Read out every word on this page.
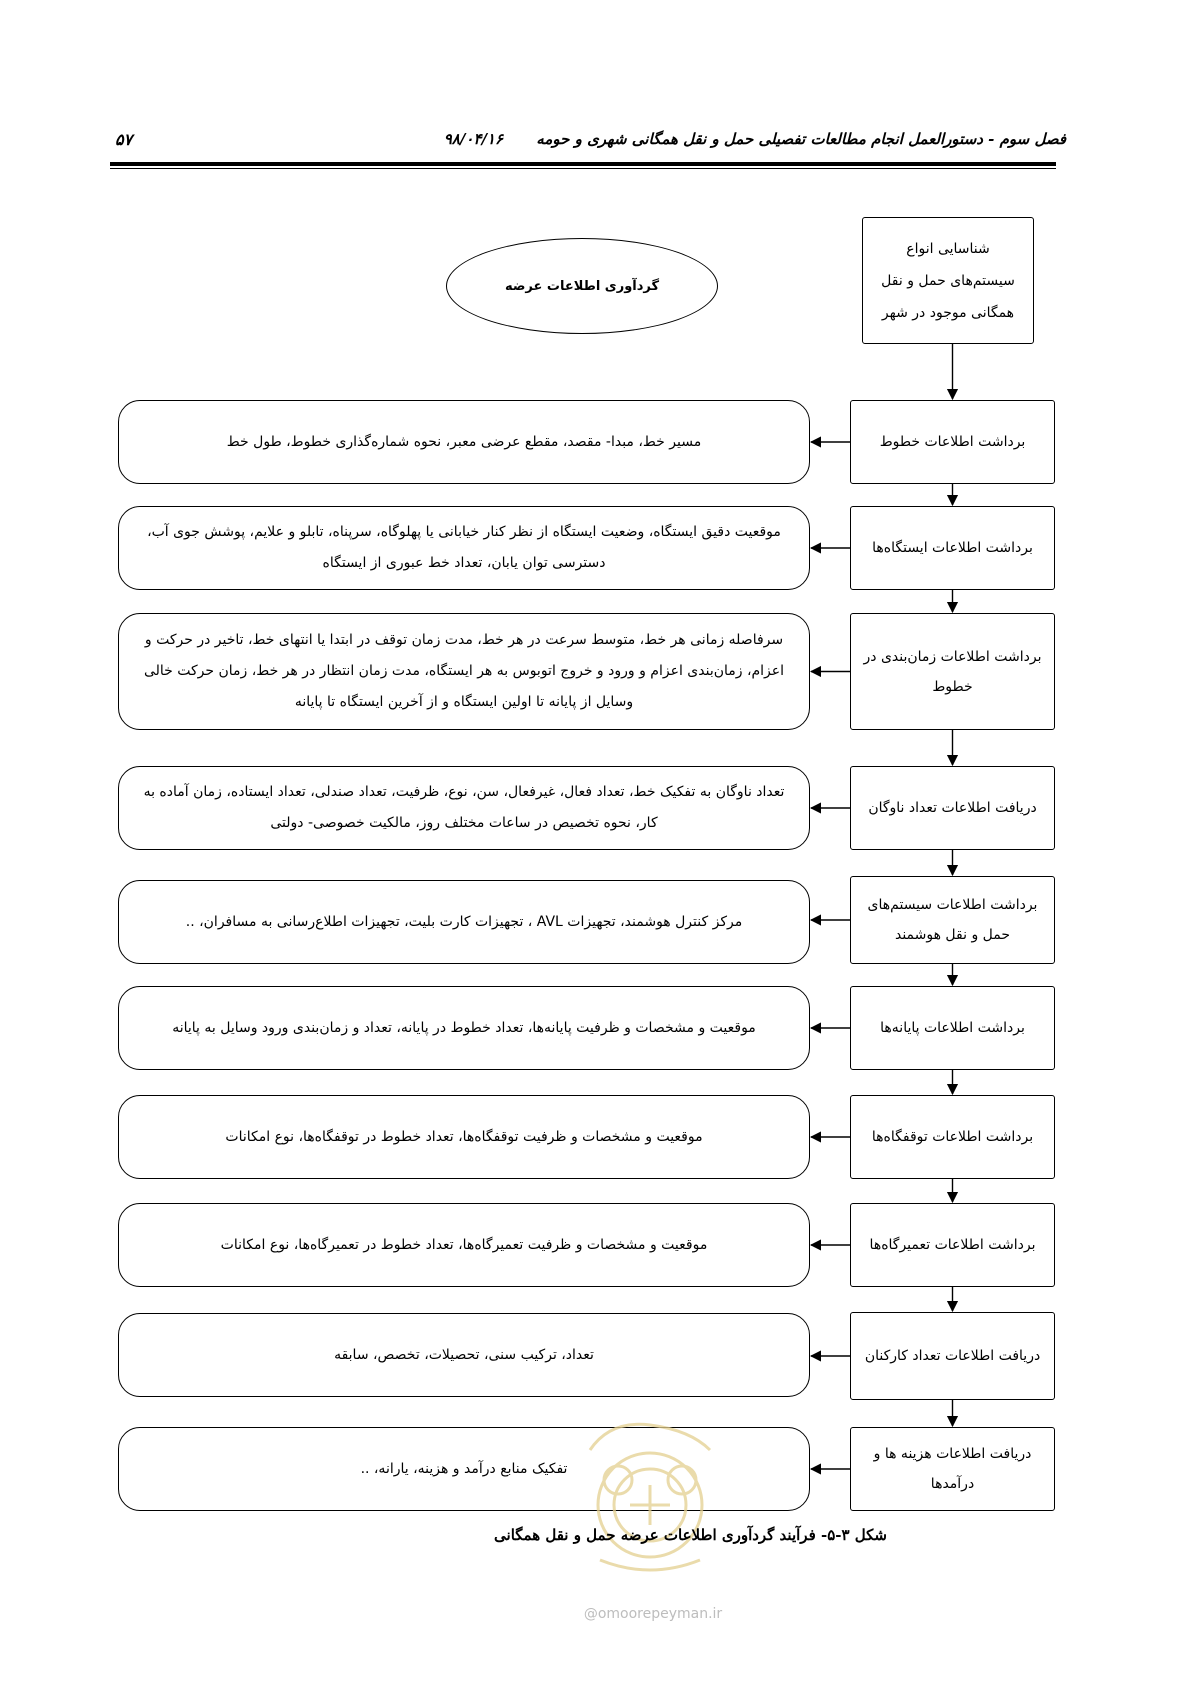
فصل سوم - دستورالعمل انجام مطالعات تفصیلی حمل و نقل همگانی شهری و حومه ۹۸/۰۴/۱۶
۵۷
گردآوری اطلاعات عرضه
شناسایی انواع سیستم‌های حمل و نقل همگانی موجود در شهر
برداشت اطلاعات خطوط
مسیر خط، مبدا- مقصد، مقطع عرضی معبر، نحوه شماره‌گذاری خطوط، طول خط
برداشت اطلاعات ایستگاه‌ها
موقعیت دقیق ایستگاه، وضعیت ایستگاه از نظر کنار خیابانی یا پهلوگاه، سرپناه، تابلو و علایم، پوشش جوی آب، دسترسی توان یابان، تعداد خط عبوری از ایستگاه
برداشت اطلاعات زمان‌بندی در خطوط
سرفاصله زمانی هر خط، متوسط سرعت در هر خط، مدت زمان توقف در ابتدا یا انتهای خط، تاخیر در حرکت و اعزام، زمان‌بندی اعزام و ورود و خروج اتوبوس به هر ایستگاه، مدت زمان انتظار در هر خط، زمان حرکت خالی وسایل از پایانه تا اولین ایستگاه و از آخرین ایستگاه تا پایانه
دریافت اطلاعات تعداد ناوگان
تعداد ناوگان به تفکیک خط، تعداد فعال، غیرفعال، سن، نوع، ظرفیت، تعداد صندلی، تعداد ایستاده، زمان آماده به کار، نحوه تخصیص در ساعات مختلف روز، مالکیت خصوصی- دولتی
برداشت اطلاعات سیستم‌های حمل و نقل هوشمند
مرکز کنترل هوشمند، تجهیزات AVL ، تجهیزات کارت بلیت، تجهیزات اطلاع‌رسانی به مسافران، ..
برداشت اطلاعات پایانه‌ها
موقعیت و مشخصات و ظرفیت پایانه‌ها، تعداد خطوط در پایانه، تعداد و زمان‌بندی ورود وسایل به پایانه
برداشت اطلاعات توقفگاه‌ها
موقعیت و مشخصات و ظرفیت توقفگاه‌ها، تعداد خطوط در توقفگاه‌ها، نوع امکانات
برداشت اطلاعات تعمیرگاه‌ها
موقعیت و مشخصات و ظرفیت تعمیرگاه‌ها، تعداد خطوط در تعمیرگاه‌ها، نوع امکانات
دریافت اطلاعات تعداد کارکنان
تعداد، ترکیب سنی، تحصیلات، تخصص، سابقه
دریافت اطلاعات هزینه ها و درآمدها
تفکیک منابع درآمد و هزینه، یارانه، ..
شکل ۳-۵- فرآیند گردآوری اطلاعات عرضه حمل و نقل همگانی
@omoorepeyman.ir
